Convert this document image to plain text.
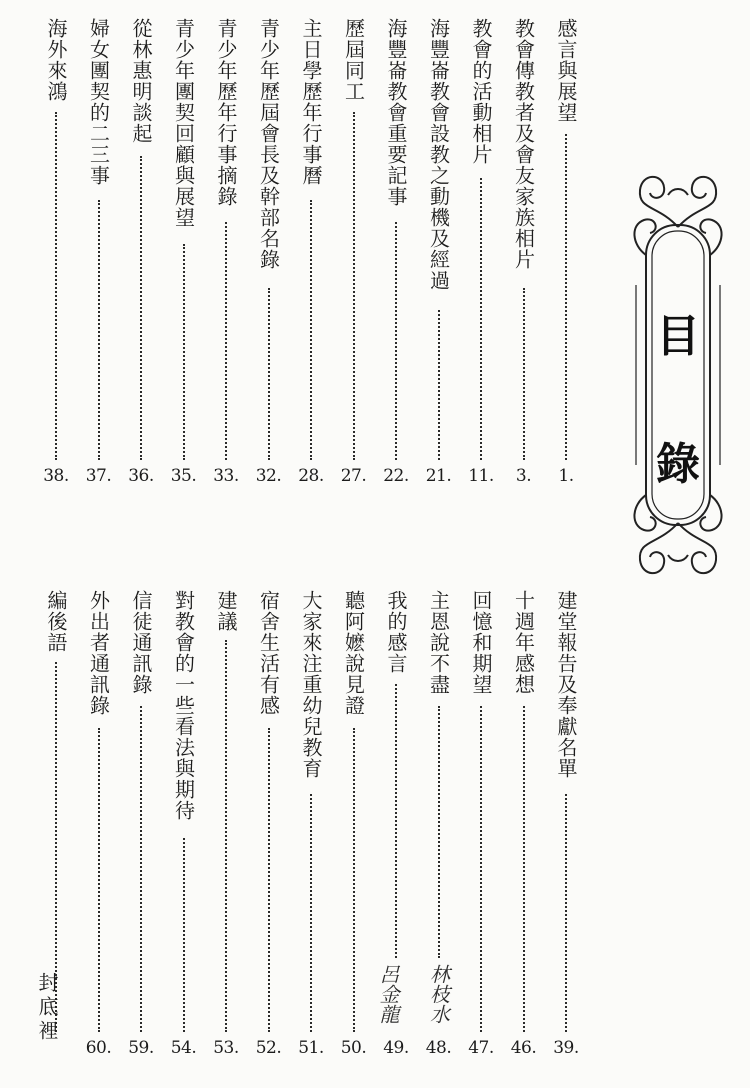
感言與展望
1.
教會傳教者及會友家族相片
3.
教會的活動相片
11.
海豐崙教會設教之動機及經過
21.
海豐崙教會重要記事
22.
歷屆同工
27.
主日學歷年行事曆
28.
青少年歷屆會長及幹部名錄
32.
青少年歷年行事摘錄
33.
青少年團契回顧與展望
35.
從林惠明談起
36.
婦女團契的二三事
37.
海外來鴻
38.
建堂報告及奉獻名單
39.
十週年感想
46.
回憶和期望
47.
主恩說不盡
林枝水
48.
我的感言
呂金龍
49.
聽阿嬷說見證
50.
大家來注重幼兒教育
51.
宿舍生活有感
52.
建議
53.
對教會的一些看法與期待
54.
信徒通訊錄
59.
外出者通訊錄
60.
編後語
目
錄
封底裡
